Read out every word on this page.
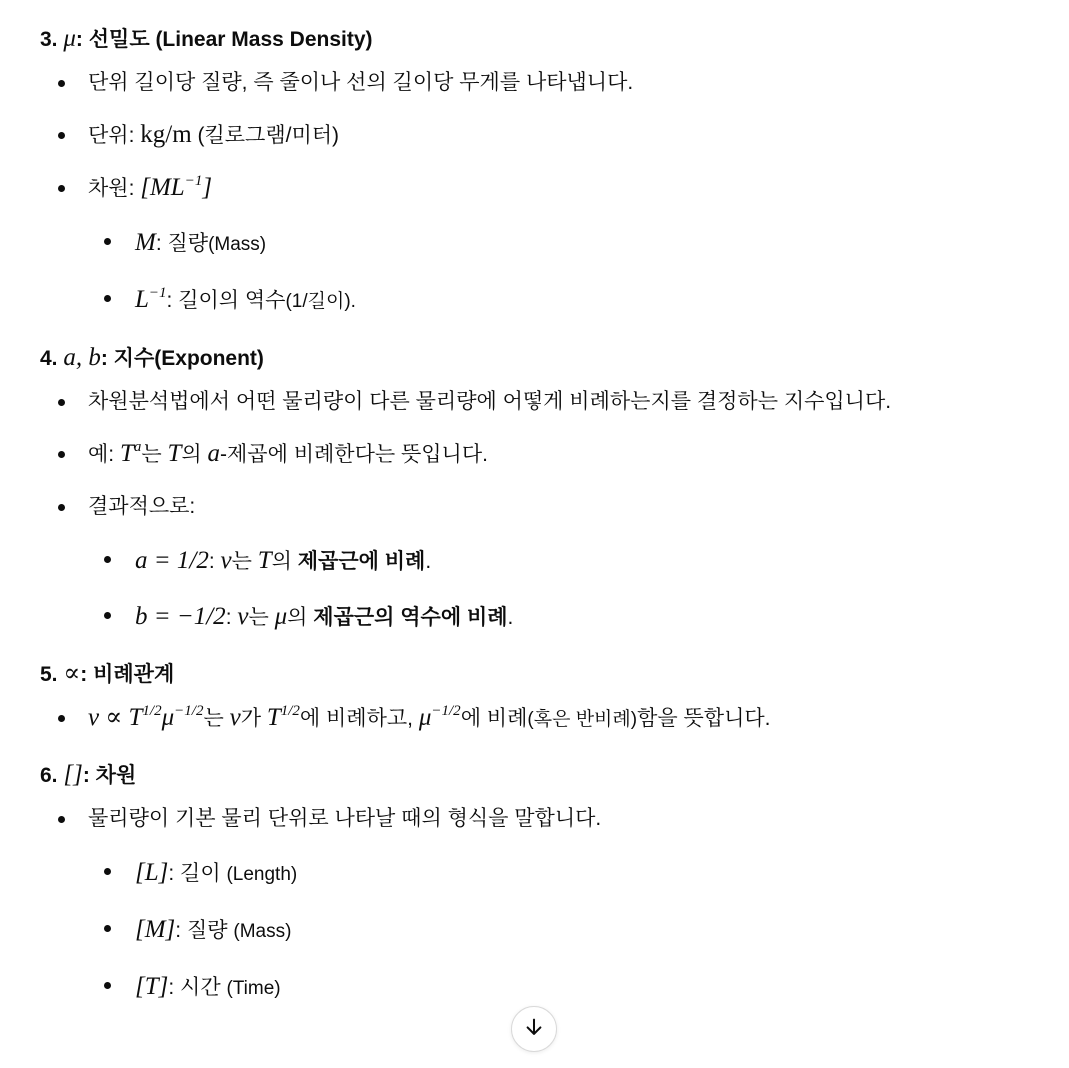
3. μ: 선밀도 (Linear Mass Density)

단위 길이당 질량, 즉 줄이나 선의 길이당 무게를 나타냅니다.
단위: kg/m (킬로그램/미터)
차원: $[ML^{-1}]$
M: 질량(Mass)
$L^{-1}$: 길이의 역수(1/길이).

4. a, b: 지수(Exponent)

차원분석법에서 어떤 물리량이 다른 물리량에 어떻게 비례하는지를 결정하는 지수입니다.
예: $T^a$는 T의 a-제곱에 비례한다는 뜻입니다.
결과적으로:
a = 1/2: v는 T의 제곱근에 비례.
b = −1/2: v는 μ의 제곱근의 역수에 비례.

5. ∝: 비례관계

$v \propto T^{1/2}\mu^{-1/2}$는 v가 $T^{1/2}$에 비례하고, $\mu^{-1/2}$에 비례(혹은 반비례)함을 뜻합니다.

6. []: 차원

물리량이 기본 물리 단위로 나타날 때의 형식을 말합니다.
[L]: 길이 (Length)
[M]: 질량 (Mass)
[T]: 시간 (Time)
